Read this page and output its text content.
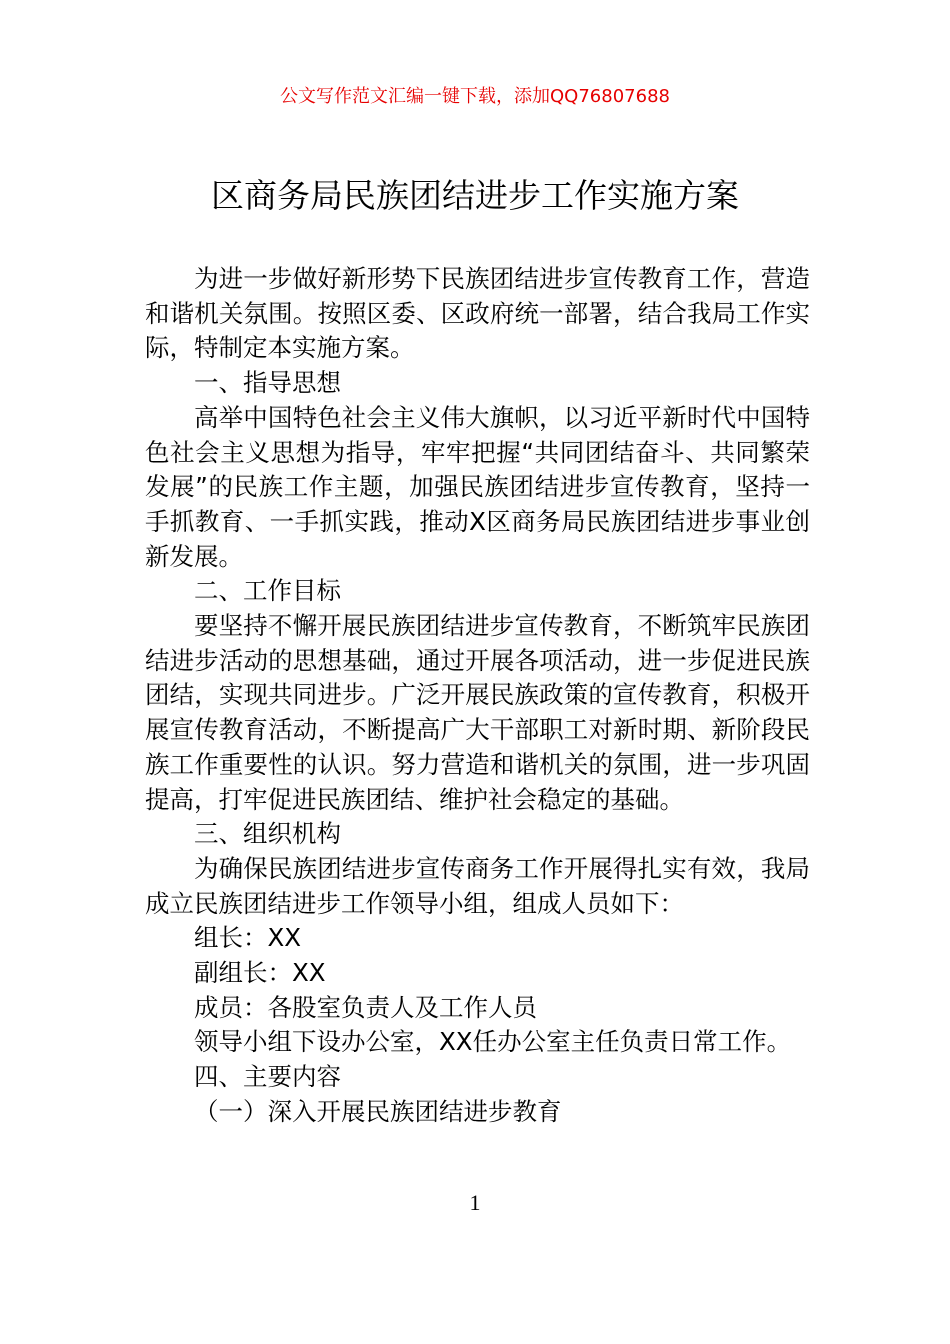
公文写作范文汇编一键下载，添加QQ76807688
区商务局民族团结进步工作实施方案

为进一步做好新形势下民族团结进步宣传教育工作，营造和谐机关氛围。按照区委、区政府统一部署，结合我局工作实际，特制定本实施方案。

一、指导思想

高举中国特色社会主义伟大旗帜，以习近平新时代中国特色社会主义思想为指导，牢牢把握“共同团结奋斗、共同繁荣发展”的民族工作主题，加强民族团结进步宣传教育，坚持一手抓教育、一手抓实践，推动X区商务局民族团结进步事业创新发展。

二、工作目标

要坚持不懈开展民族团结进步宣传教育，不断筑牢民族团结进步活动的思想基础，通过开展各项活动，进一步促进民族团结，实现共同进步。广泛开展民族政策的宣传教育，积极开展宣传教育活动，不断提高广大干部职工对新时期、新阶段民族工作重要性的认识。努力营造和谐机关的氛围，进一步巩固提高，打牢促进民族团结、维护社会稳定的基础。

三、组织机构

为确保民族团结进步宣传商务工作开展得扎实有效，我局成立民族团结进步工作领导小组，组成人员如下：

组长：XX

副组长：XX

成员：各股室负责人及工作人员

领导小组下设办公室，XX任办公室主任负责日常工作。

四、主要内容

（一）深入开展民族团结进步教育

1
